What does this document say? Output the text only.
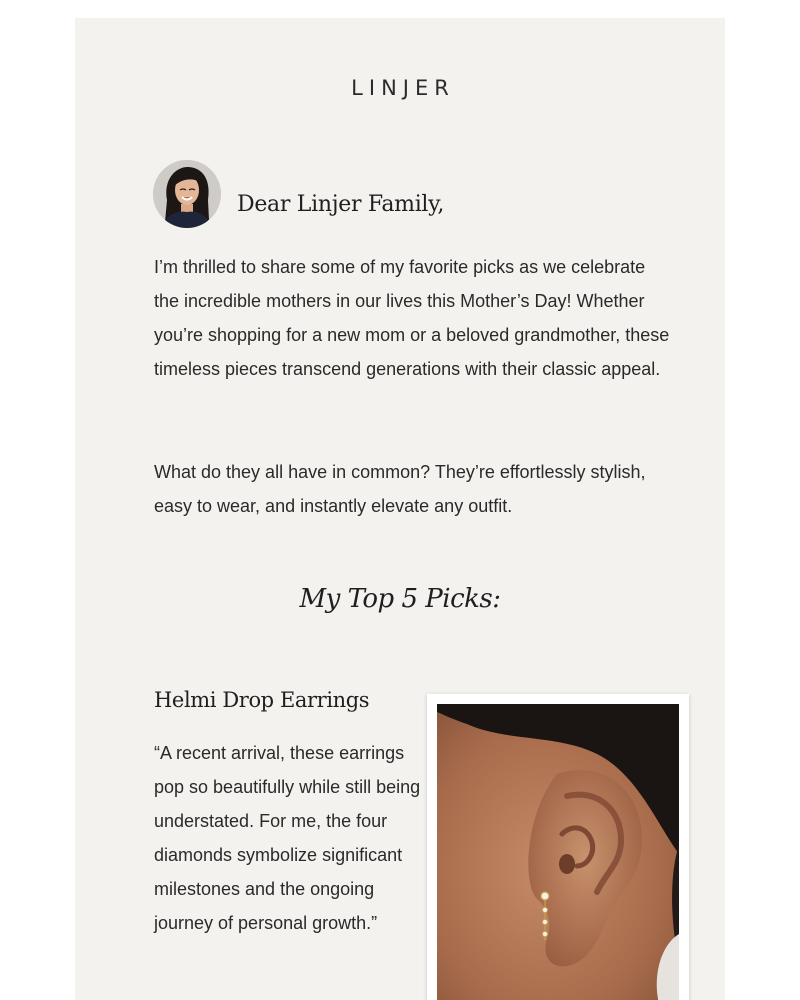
LINJER
Dear Linjer Family,
I’m thrilled to share some of my favorite picks as we celebrate the incredible mothers in our lives this Mother’s Day! Whether you’re shopping for a new mom or a beloved grandmother, these timeless pieces transcend generations with their classic appeal.
What do they all have in common? They’re effortlessly stylish, easy to wear, and instantly elevate any outfit.
My Top 5 Picks:
Helmi Drop Earrings
“A recent arrival, these earrings pop so beautifully while still being understated. For me, the four diamonds symbolize significant milestones and the ongoing journey of personal growth.”
